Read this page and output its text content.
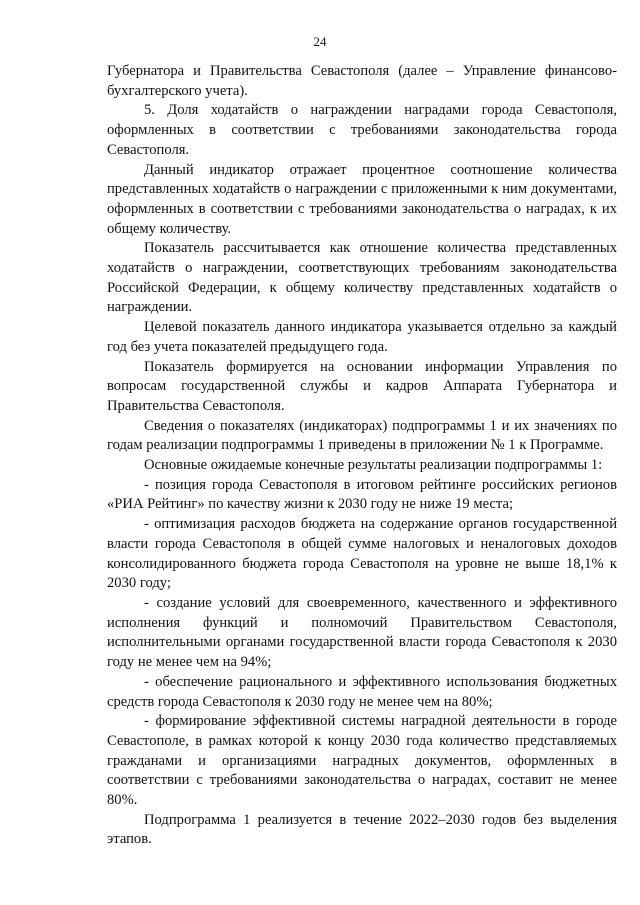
24

Губернатора и Правительства Севастополя (далее – Управление финансово-бухгалтерского учета).

5. Доля ходатайств о награждении наградами города Севастополя, оформленных в соответствии с требованиями законодательства города Севастополя.

Данный индикатор отражает процентное соотношение количества представленных ходатайств о награждении с приложенными к ним документами, оформленных в соответствии с требованиями законодательства о наградах, к их общему количеству.

Показатель рассчитывается как отношение количества представленных ходатайств о награждении, соответствующих требованиям законодательства Российской Федерации, к общему количеству представленных ходатайств о награждении.

Целевой показатель данного индикатора указывается отдельно за каждый год без учета показателей предыдущего года.

Показатель формируется на основании информации Управления по вопросам государственной службы и кадров Аппарата Губернатора и Правительства Севастополя.

Сведения о показателях (индикаторах) подпрограммы 1 и их значениях по годам реализации подпрограммы 1 приведены в приложении № 1 к Программе.

Основные ожидаемые конечные результаты реализации подпрограммы 1:

- позиция города Севастополя в итоговом рейтинге российских регионов «РИА Рейтинг» по качеству жизни к 2030 году не ниже 19 места;

- оптимизация расходов бюджета на содержание органов государственной власти города Севастополя в общей сумме налоговых и неналоговых доходов консолидированного бюджета города Севастополя на уровне не выше 18,1% к 2030 году;

- создание условий для своевременного, качественного и эффективного исполнения функций и полномочий Правительством Севастополя, исполнительными органами государственной власти города Севастополя к 2030 году не менее чем на 94%;

- обеспечение рационального и эффективного использования бюджетных средств города Севастополя к 2030 году не менее чем на 80%;

- формирование эффективной системы наградной деятельности в городе Севастополе, в рамках которой к концу 2030 года количество представляемых гражданами и организациями наградных документов, оформленных в соответствии с требованиями законодательства о наградах, составит не менее 80%.

Подпрограмма 1 реализуется в течение 2022–2030 годов без выделения этапов.
